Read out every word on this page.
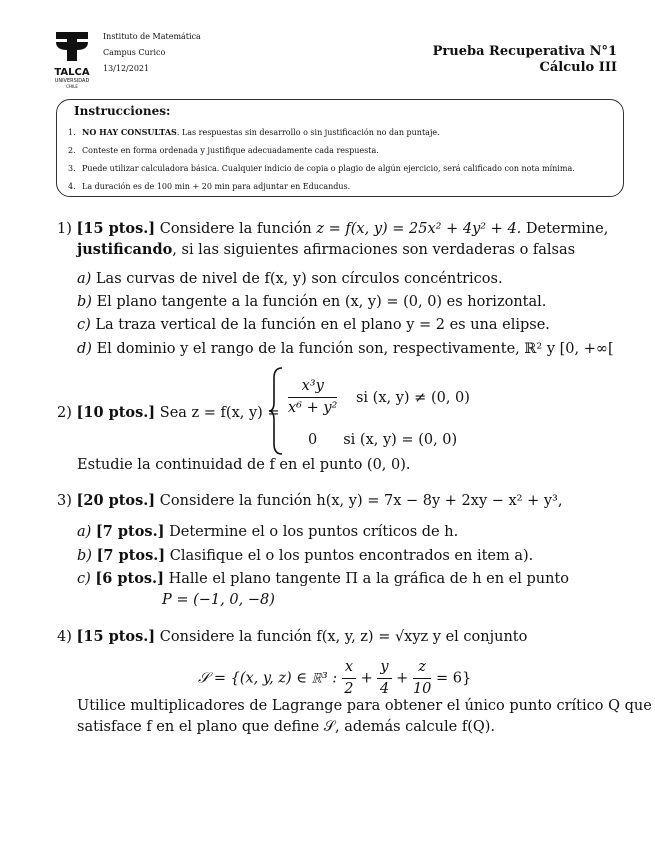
TALCA
UNIVERSIDAD
CHILE
Instituto de Matemática
Campus Curico
13/12/2021
Prueba Recuperativa N°1
Cálculo III
Instrucciones:
1. NO HAY CONSULTAS. Las respuestas sin desarrollo o sin justificación no dan puntaje.
2. Conteste en forma ordenada y justifique adecuadamente cada respuesta.
3. Puede utilizar calculadora básica. Cualquier indicio de copia o plagio de algún ejercicio, será calificado con nota mínima.
4. La duración es de 100 min + 20 min para adjuntar en Educandus.
1) [15 ptos.] Considere la función z = f(x, y) = 25x² + 4y² + 4. Determine,
justificando, si las siguientes afirmaciones son verdaderas o falsas
a) Las curvas de nivel de f(x, y) son círculos concéntricos.
b) El plano tangente a la función en (x, y) = (0, 0) es horizontal.
c) La traza vertical de la función en el plano y = 2 es una elipse.
d) El dominio y el rango de la función son, respectivamente, ℝ² y [0, +∞[
2) [10 ptos.] Sea z = f(x, $y) = \frac{\text{x³y}}{\text{x⁶ + y²}}$ si (x, y) ≠ (0, 0)
0 si (x, y) = (0, 0)
Estudie la continuidad de f en el punto (0, 0).
3) [20 ptos.] Considere la función h(x, y) = 7x − 8y + 2xy − x² + y³,
a) [7 ptos.] Determine el o los puntos críticos de h.
b) [7 ptos.] Clasifique el o los puntos encontrados en item a).
c) [6 ptos.] Halle el plano tangente Π a la gráfica de h en el punto
P = (−1, 0, −8)
4) [15 ptos.] Considere la función f(x, y, z) = √xyz y el conjunto
𝒮 = {(x, y, z) ∈ ℝ³ : $\frac{x}{2} + \frac{y}{4} + \frac{z}{10} = 6$}
Utilice multiplicadores de Lagrange para obtener el único punto crítico Q que
satisface f en el plano que define 𝒮, además calcule f(Q).
